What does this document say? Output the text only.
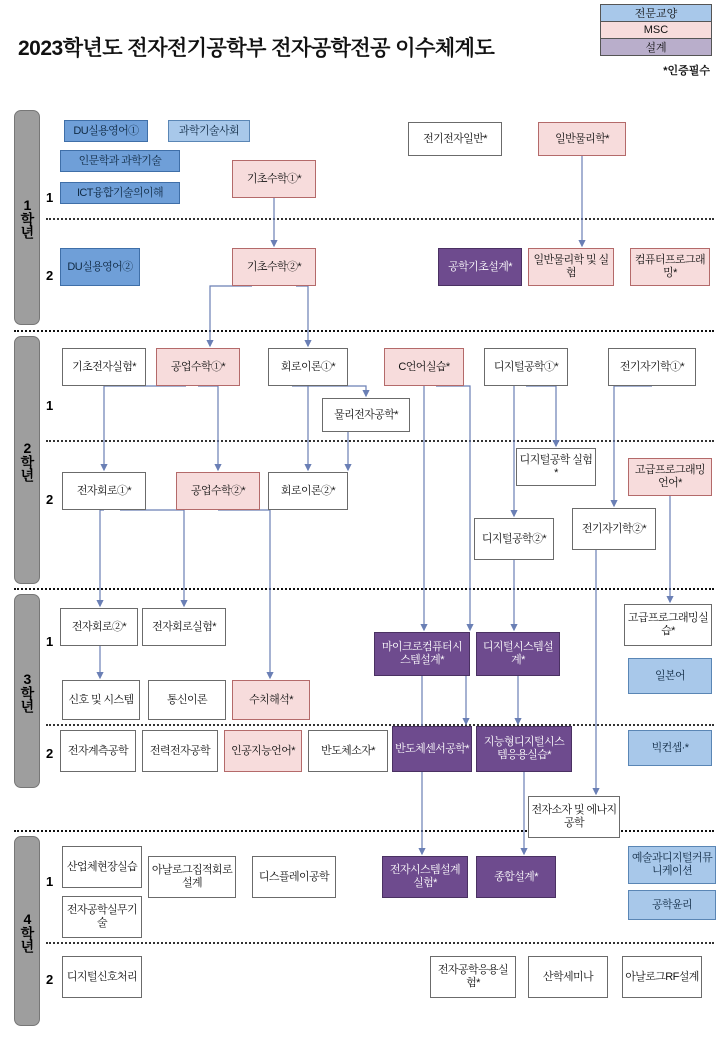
전문교양
MSC
설계
*인증필수
2023학년도 전자전기공학부 전자공학전공 이수체계도
1학년
2학년
3학년
4학년
1
2
1
2
1
2
1
2
DU실용영어①	과학기술사회
인문학과 과학기술
ICT융합기술의이해
기초수학①*
전기전자일반*	일반물리학*
DU실용영어②	기초수학②*	공학기초설계*
일반물리학 및 실험
컴퓨터프로그래밍*
기초전자실험*	공업수학①*	회로이론①*	C언어실습*	디지털공학①*	전기자기학①*
물리전자공학*
전자회로①*	공업수학②*	회로이론②*
디지털공학 실험*	고급프로그래밍언어*
디지털공학②*
전기자기학②*
전자회로②*	전자회로실험*
마이크로컴퓨터시스템설계*
디지털시스템설계*
고급프로그래밍실습*
신호 및 시스템	통신이론	수치해석*
일본어
전자계측공학	전력전자공학	인공지능언어*	반도체소자*	반도체센서공학*
지능형디지털시스템응용실습*
빅컨셉·*
전자소자 및 에나지공학
산업체현장실습	아날로그집적회로설계
디스플레이공학
전자시스템설계실험*
종합설계*
예술과디지털커뮤니케이션
전자공학실무기술
공학윤리
디지털신호처리
전자공학응용실험*
산학세미나	아날로그RF설계
